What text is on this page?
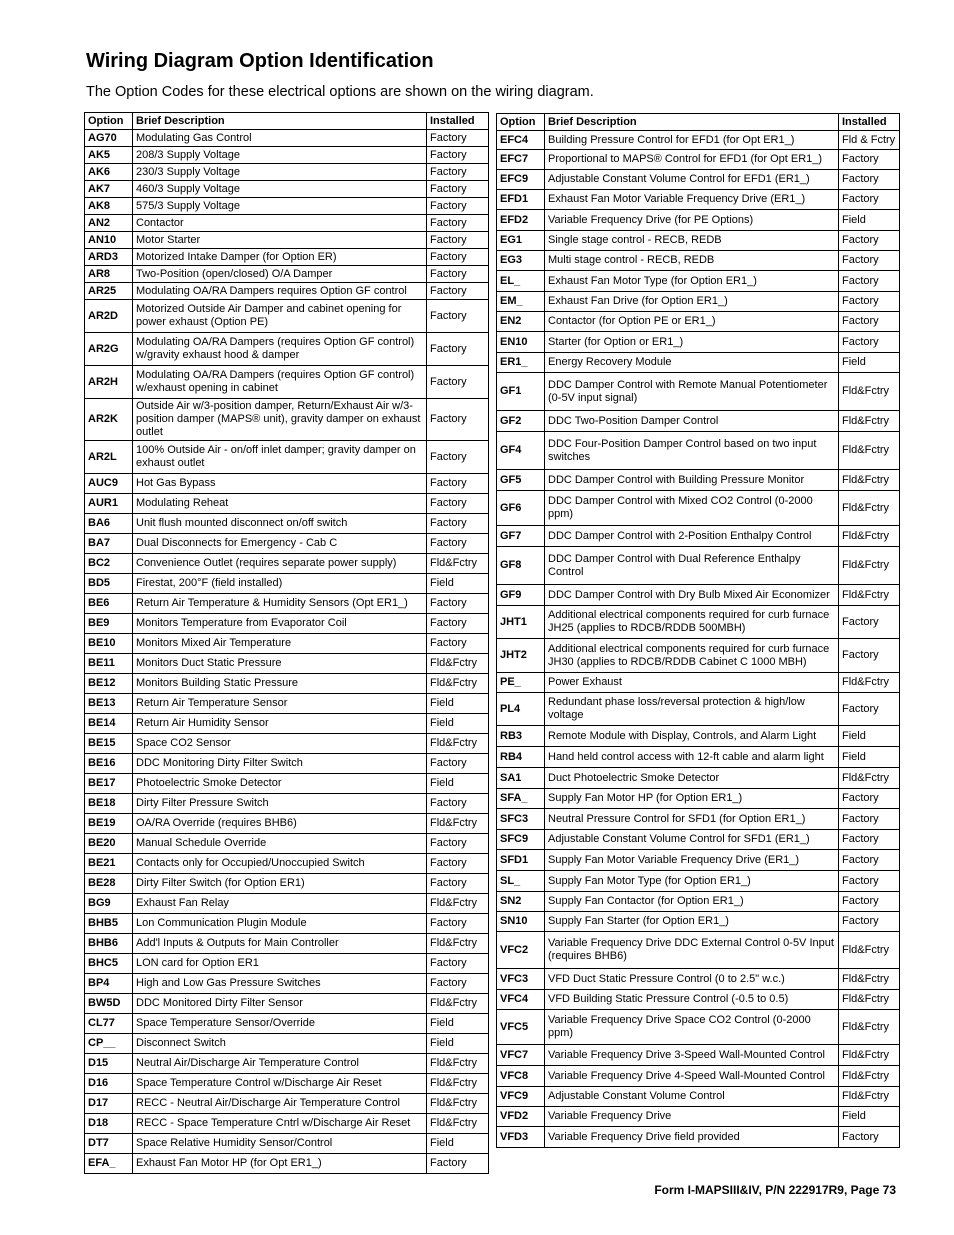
Wiring Diagram Option Identification

The Option Codes for these electrical options are shown on the wiring diagram.

Option	Brief Description	Installed
AG70	Modulating Gas Control	Factory
AK5	208/3 Supply Voltage	Factory
AK6	230/3 Supply Voltage	Factory
AK7	460/3 Supply Voltage	Factory
AK8	575/3 Supply Voltage	Factory
AN2	Contactor	Factory
AN10	Motor Starter	Factory
ARD3	Motorized Intake Damper (for Option ER)	Factory
AR8	Two-Position (open/closed) O/A Damper	Factory
AR25	Modulating OA/RA Dampers requires Option GF control	Factory
AR2D	Motorized Outside Air Damper and cabinet opening for power exhaust (Option PE)	Factory
AR2G	Modulating OA/RA Dampers (requires Option GF control) w/gravity exhaust hood & damper	Factory
AR2H	Modulating OA/RA Dampers (requires Option GF control) w/exhaust opening in cabinet	Factory
AR2K	Outside Air w/3-position damper, Return/Exhaust Air w/3-position damper (MAPS® unit), gravity damper on exhaust outlet	Factory
AR2L	100% Outside Air - on/off inlet damper; gravity damper on exhaust outlet	Factory
AUC9	Hot Gas Bypass	Factory
AUR1	Modulating Reheat	Factory
BA6	Unit flush mounted disconnect on/off switch	Factory
BA7	Dual Disconnects for Emergency - Cab C	Factory
BC2	Convenience Outlet (requires separate power supply)	Fld&Fctry
BD5	Firestat, 200°F (field installed)	Field
BE6	Return Air Temperature & Humidity Sensors (Opt ER1_)	Factory
BE9	Monitors Temperature from Evaporator Coil	Factory
BE10	Monitors Mixed Air Temperature	Factory
BE11	Monitors Duct Static Pressure	Fld&Fctry
BE12	Monitors Building Static Pressure	Fld&Fctry
BE13	Return Air Temperature Sensor	Field
BE14	Return Air Humidity Sensor	Field
BE15	Space CO2 Sensor	Fld&Fctry
BE16	DDC Monitoring Dirty Filter Switch	Factory
BE17	Photoelectric Smoke Detector	Field
BE18	Dirty Filter Pressure Switch	Factory
BE19	OA/RA Override (requires BHB6)	Fld&Fctry
BE20	Manual Schedule Override	Factory
BE21	Contacts only for Occupied/Unoccupied Switch	Factory
BE28	Dirty Filter Switch (for Option ER1)	Factory
BG9	Exhaust Fan Relay	Fld&Fctry
BHB5	Lon Communication Plugin Module	Factory
BHB6	Add'l Inputs & Outputs for Main Controller	Fld&Fctry
BHC5	LON card for Option ER1	Factory
BP4	High and Low Gas Pressure Switches	Factory
BW5D	DDC Monitored Dirty Filter Sensor	Fld&Fctry
CL77	Space Temperature Sensor/Override	Field
CP__	Disconnect Switch	Field
D15	Neutral Air/Discharge Air Temperature Control	Fld&Fctry
D16	Space Temperature Control w/Discharge Air Reset	Fld&Fctry
D17	RECC - Neutral Air/Discharge Air Temperature Control	Fld&Fctry
D18	RECC - Space Temperature Cntrl w/Discharge Air Reset	Fld&Fctry
DT7	Space Relative Humidity Sensor/Control	Field
EFA_	Exhaust Fan Motor HP (for Opt ER1_)	Factory
Option	Brief Description	Installed
EFC4	Building Pressure Control for EFD1 (for Opt ER1_)	Fld & Fctry
EFC7	Proportional to MAPS® Control for EFD1 (for Opt ER1_)	Factory
EFC9	Adjustable Constant Volume Control for EFD1 (ER1_)	Factory
EFD1	Exhaust Fan Motor Variable Frequency Drive (ER1_)	Factory
EFD2	Variable Frequency Drive (for PE Options)	Field
EG1	Single stage control - RECB, REDB	Factory
EG3	Multi stage control - RECB, REDB	Factory
EL_	Exhaust Fan Motor Type (for Option ER1_)	Factory
EM_	Exhaust Fan Drive (for Option ER1_)	Factory
EN2	Contactor (for Option PE or ER1_)	Factory
EN10	Starter (for Option or ER1_)	Factory
ER1_	Energy Recovery Module	Field
GF1	DDC Damper Control with Remote Manual Potentiometer (0-5V input signal)	Fld&Fctry
GF2	DDC Two-Position Damper Control	Fld&Fctry
GF4	DDC Four-Position Damper Control based on two input switches	Fld&Fctry
GF5	DDC Damper Control with Building Pressure Monitor	Fld&Fctry
GF6	DDC Damper Control with Mixed CO2 Control (0-2000 ppm)	Fld&Fctry
GF7	DDC Damper Control with 2-Position Enthalpy Control	Fld&Fctry
GF8	DDC Damper Control with Dual Reference Enthalpy Control	Fld&Fctry
GF9	DDC Damper Control with Dry Bulb Mixed Air Economizer	Fld&Fctry
JHT1	Additional electrical components required for curb furnace JH25 (applies to RDCB/RDDB 500MBH)	Factory
JHT2	Additional electrical components required for curb furnace JH30 (applies to RDCB/RDDB Cabinet C 1000 MBH)	Factory
PE_	Power Exhaust	Fld&Fctry
PL4	Redundant phase loss/reversal protection & high/low voltage	Factory
RB3	Remote Module with Display, Controls, and Alarm Light	Field
RB4	Hand held control access with 12-ft cable and alarm light	Field
SA1	Duct Photoelectric Smoke Detector	Fld&Fctry
SFA_	Supply Fan Motor HP (for Option ER1_)	Factory
SFC3	Neutral Pressure Control for SFD1 (for Option ER1_)	Factory
SFC9	Adjustable Constant Volume Control for SFD1 (ER1_)	Factory
SFD1	Supply Fan Motor Variable Frequency Drive (ER1_)	Factory
SL_	Supply Fan Motor Type (for Option ER1_)	Factory
SN2	Supply Fan Contactor (for Option ER1_)	Factory
SN10	Supply Fan Starter (for Option ER1_)	Factory
VFC2	Variable Frequency Drive DDC External Control 0-5V Input (requires BHB6)	Fld&Fctry
VFC3	VFD Duct Static Pressure Control (0 to 2.5" w.c.)	Fld&Fctry
VFC4	VFD Building Static Pressure Control (-0.5 to 0.5)	Fld&Fctry
VFC5	Variable Frequency Drive Space CO2 Control (0-2000 ppm)	Fld&Fctry
VFC7	Variable Frequency Drive 3-Speed Wall-Mounted Control	Fld&Fctry
VFC8	Variable Frequency Drive 4-Speed Wall-Mounted Control	Fld&Fctry
VFC9	Adjustable Constant Volume Control	Fld&Fctry
VFD2	Variable Frequency Drive	Field
VFD3	Variable Frequency Drive field provided	Factory

Form I-MAPSIII&IV, P/N 222917R9, Page 73
